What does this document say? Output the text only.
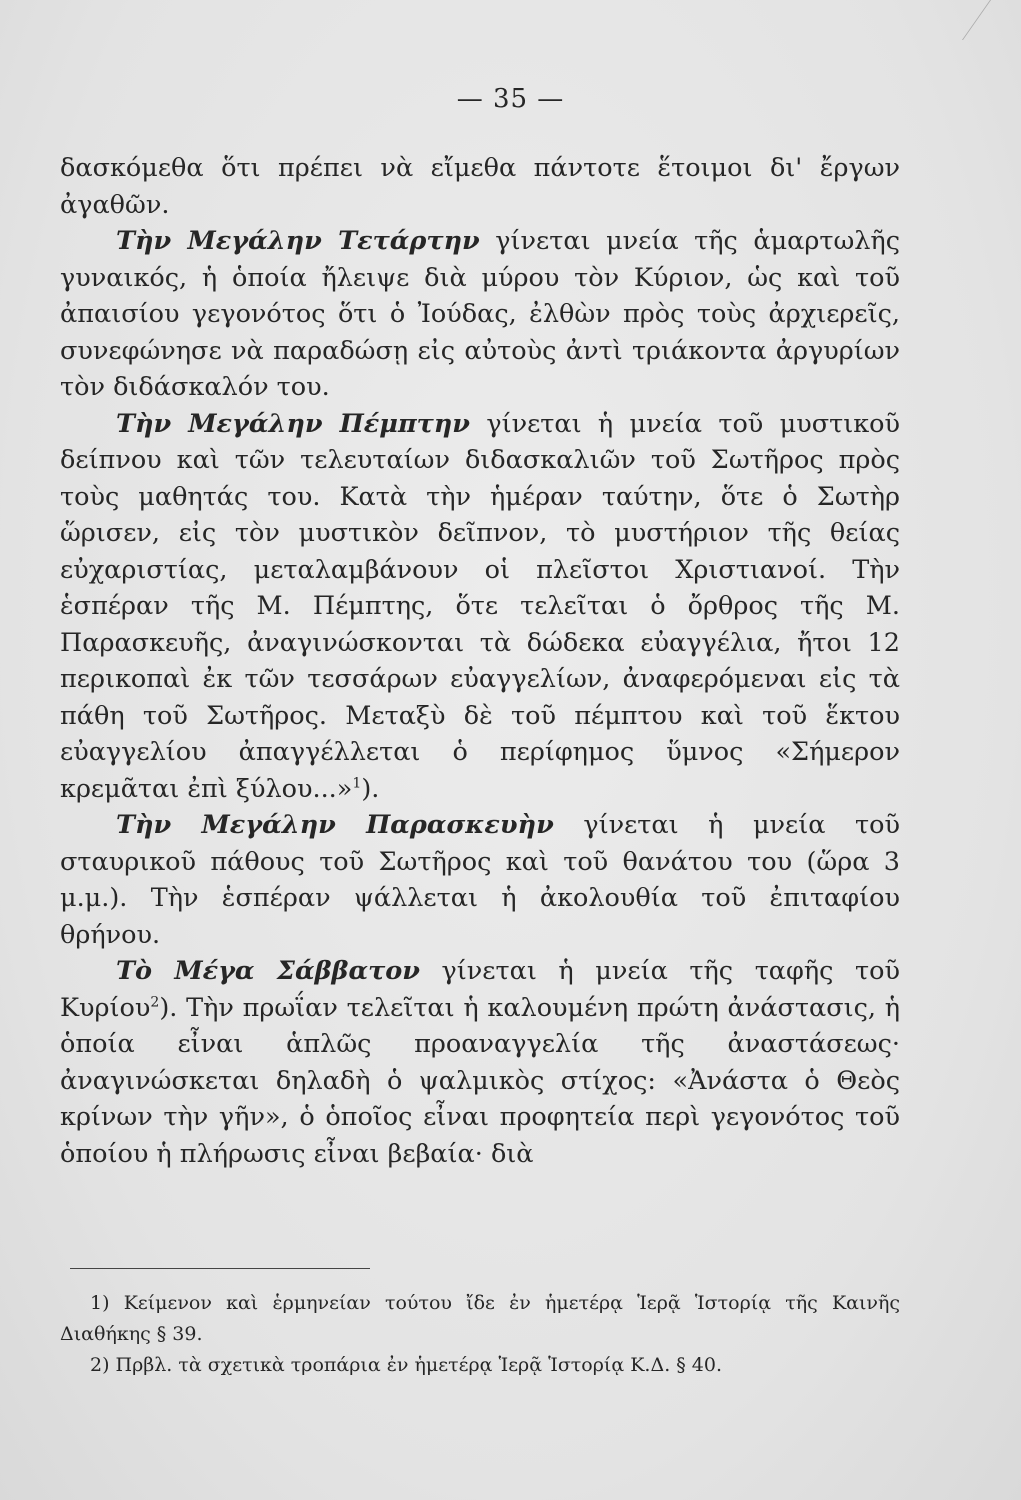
— 35 —

δασκόμεθα ὅτι πρέπει νὰ εἴμεθα πάντοτε ἕτοιμοι δι' ἔργων ἀγαθῶν.

Τὴν Μεγάλην Τετάρτην γίνεται μνεία τῆς ἁμαρτωλῆς γυναικός, ἡ ὁποία ἤλειψε διὰ μύρου τὸν Κύριον, ὡς καὶ τοῦ ἀπαισίου γεγονότος ὅτι ὁ Ἰούδας, ἐλθὼν πρὸς τοὺς ἀρχιερεῖς, συνεφώνησε νὰ παραδώσῃ εἰς αὐτοὺς ἀντὶ τριάκοντα ἀργυρίων τὸν διδάσκαλόν του.

Τὴν Μεγάλην Πέμπτην γίνεται ἡ μνεία τοῦ μυστικοῦ δείπνου καὶ τῶν τελευταίων διδασκαλιῶν τοῦ Σωτῆρος πρὸς τοὺς μαθητάς του. Κατὰ τὴν ἡμέραν ταύτην, ὅτε ὁ Σωτὴρ ὥρισεν, εἰς τὸν μυστικὸν δεῖπνον, τὸ μυστήριον τῆς θείας εὐχαριστίας, μεταλαμβάνουν οἱ πλεῖστοι Χριστιανοί. Τὴν ἑσπέραν τῆς Μ. Πέμπτης, ὅτε τελεῖται ὁ ὄρθρος τῆς Μ. Παρασκευῆς, ἀναγινώσκονται τὰ δώδεκα εὐαγγέλια, ἤτοι 12 περικοπαὶ ἐκ τῶν τεσσάρων εὐαγγελίων, ἀναφερόμεναι εἰς τὰ πάθη τοῦ Σωτῆρος. Μεταξὺ δὲ τοῦ πέμπτου καὶ τοῦ ἕκτου εὐαγγελίου ἀπαγγέλλεται ὁ περίφημος ὕμνος «Σήμερον κρεμᾶται ἐπὶ ξύλου...»$^1$).

Τὴν Μεγάλην Παρασκευὴν γίνεται ἡ μνεία τοῦ σταυρικοῦ πάθους τοῦ Σωτῆρος καὶ τοῦ θανάτου του (ὥρα 3 μ.μ.). Τὴν ἑσπέραν ψάλλεται ἡ ἀκολουθία τοῦ ἐπιταφίου θρήνου.

Τὸ Μέγα Σάββατον γίνεται ἡ μνεία τῆς ταφῆς τοῦ Κυρίου$^2$). Τὴν πρωΐαν τελεῖται ἡ καλουμένη πρώτη ἀνάστασις, ἡ ὁποία εἶναι ἁπλῶς προαναγγελία τῆς ἀναστάσεως· ἀναγινώσκεται δηλαδὴ ὁ ψαλμικὸς στίχος: «Ἀνάστα ὁ Θεὸς κρίνων τὴν γῆν», ὁ ὁποῖος εἶναι προφητεία περὶ γεγονότος τοῦ ὁποίου ἡ πλήρωσις εἶναι βεβαία· διὰ

1) Κείμενον καὶ ἑρμηνείαν τούτου ἴδε ἐν ἡμετέρᾳ Ἱερᾷ Ἱστορίᾳ τῆς Καινῆς Διαθήκης § 39.

2) Πρβλ. τὰ σχετικὰ τροπάρια ἐν ἡμετέρᾳ Ἱερᾷ Ἱστορίᾳ Κ.Δ. § 40.
